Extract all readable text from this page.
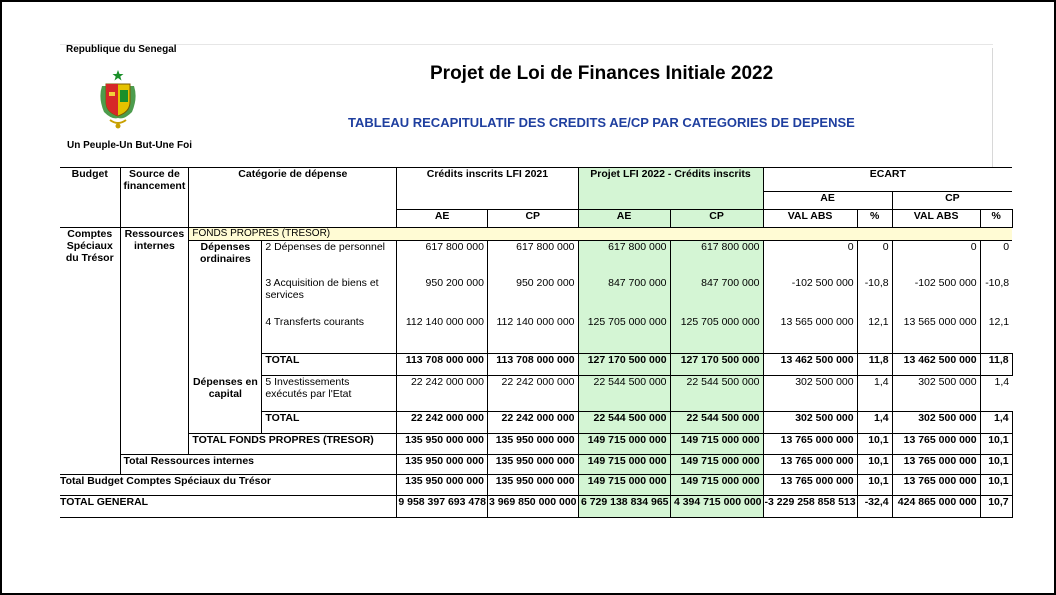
Republique du Senegal
Un Peuple-Un But-Une Foi
Projet de Loi de Finances Initiale 2022
TABLEAU RECAPITULATIF DES CREDITS AE/CP PAR CATEGORIES DE DEPENSE
Budget	Source de financement	Catégorie de dépense		Crédits inscrits LFI 2021		Projet LFI 2022 - Crédits inscrits		ECART			
								AE		CP	
				AE	CP	AE	CP	VAL ABS	%	VAL ABS	%
Comptes Spéciaux du Trésor	Ressources internes	FONDS PROPRES (TRESOR)									
		Dépenses ordinaires	2 Dépenses de personnel	617 800 000	617 800 000	617 800 000	617 800 000	0	0	0	0
			3 Acquisition de biens et services	950 200 000	950 200 000	847 700 000	847 700 000	-102 500 000	-10,8	-102 500 000	-10,8
			4 Transferts courants	112 140 000 000	112 140 000 000	125 705 000 000	125 705 000 000	13 565 000 000	12,1	13 565 000 000	12,1
			TOTAL	113 708 000 000	113 708 000 000	127 170 500 000	127 170 500 000	13 462 500 000	11,8	13 462 500 000	11,8
		Dépenses en capital	5 Investissements exécutés par l'Etat	22 242 000 000	22 242 000 000	22 544 500 000	22 544 500 000	302 500 000	1,4	302 500 000	1,4
			TOTAL	22 242 000 000	22 242 000 000	22 544 500 000	22 544 500 000	302 500 000	1,4	302 500 000	1,4
		TOTAL FONDS PROPRES (TRESOR)		135 950 000 000	135 950 000 000	149 715 000 000	149 715 000 000	13 765 000 000	10,1	13 765 000 000	10,1
	Total Ressources internes			135 950 000 000	135 950 000 000	149 715 000 000	149 715 000 000	13 765 000 000	10,1	13 765 000 000	10,1
Total Budget Comptes Spéciaux du Trésor				135 950 000 000	135 950 000 000	149 715 000 000	149 715 000 000	13 765 000 000	10,1	13 765 000 000	10,1
TOTAL GENERAL				9 958 397 693 478	3 969 850 000 000	6 729 138 834 965	4 394 715 000 000	-3 229 258 858 513	-32,4	424 865 000 000	10,7
